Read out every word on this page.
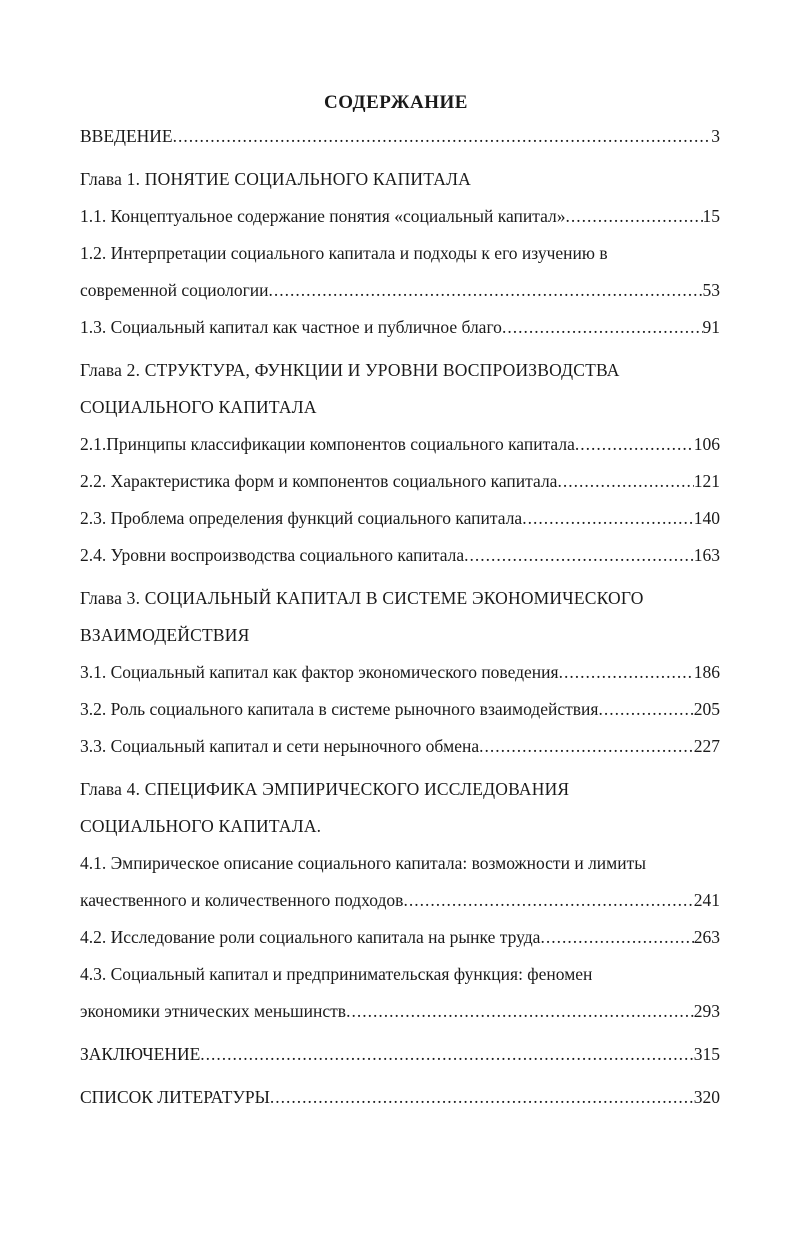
СОДЕРЖАНИЕ
ВВЕДЕНИЕ .....	3
Глава 1. ПОНЯТИЕ СОЦИАЛЬНОГО КАПИТАЛА
1.1. Концептуальное содержание понятия «социальный капитал» .....	15
1.2. Интерпретации социального капитала и подходы к его изучению в
современной социологии .....	53
1.3. Социальный капитал как частное и публичное благо .....	91
Глава 2. СТРУКТУРА, ФУНКЦИИ И УРОВНИ ВОСПРОИЗВОДСТВА
СОЦИАЛЬНОГО КАПИТАЛА
2.1.Принципы классификации компонентов социального капитала .....	106
2.2. Характеристика форм и компонентов социального капитала .....	121
2.3. Проблема определения функций социального капитала .....	140
2.4. Уровни воспроизводства социального капитала .....	163
Глава 3. СОЦИАЛЬНЫЙ КАПИТАЛ В СИСТЕМЕ ЭКОНОМИЧЕСКОГО
ВЗАИМОДЕЙСТВИЯ
3.1. Социальный капитал как фактор экономического поведения .....	186
3.2. Роль социального капитала в системе рыночного взаимодействия .....	205
3.3. Социальный капитал и сети нерыночного обмена .....	227
Глава 4. СПЕЦИФИКА ЭМПИРИЧЕСКОГО ИССЛЕДОВАНИЯ
СОЦИАЛЬНОГО КАПИТАЛА.
4.1. Эмпирическое описание социального капитала: возможности и лимиты
качественного и количественного подходов .....	241
4.2. Исследование роли социального капитала на рынке труда .....	263
4.3. Социальный капитал и предпринимательская функция: феномен
экономики этнических меньшинств .....	293
ЗАКЛЮЧЕНИЕ .....	315
СПИСОК ЛИТЕРАТУРЫ .....	320
